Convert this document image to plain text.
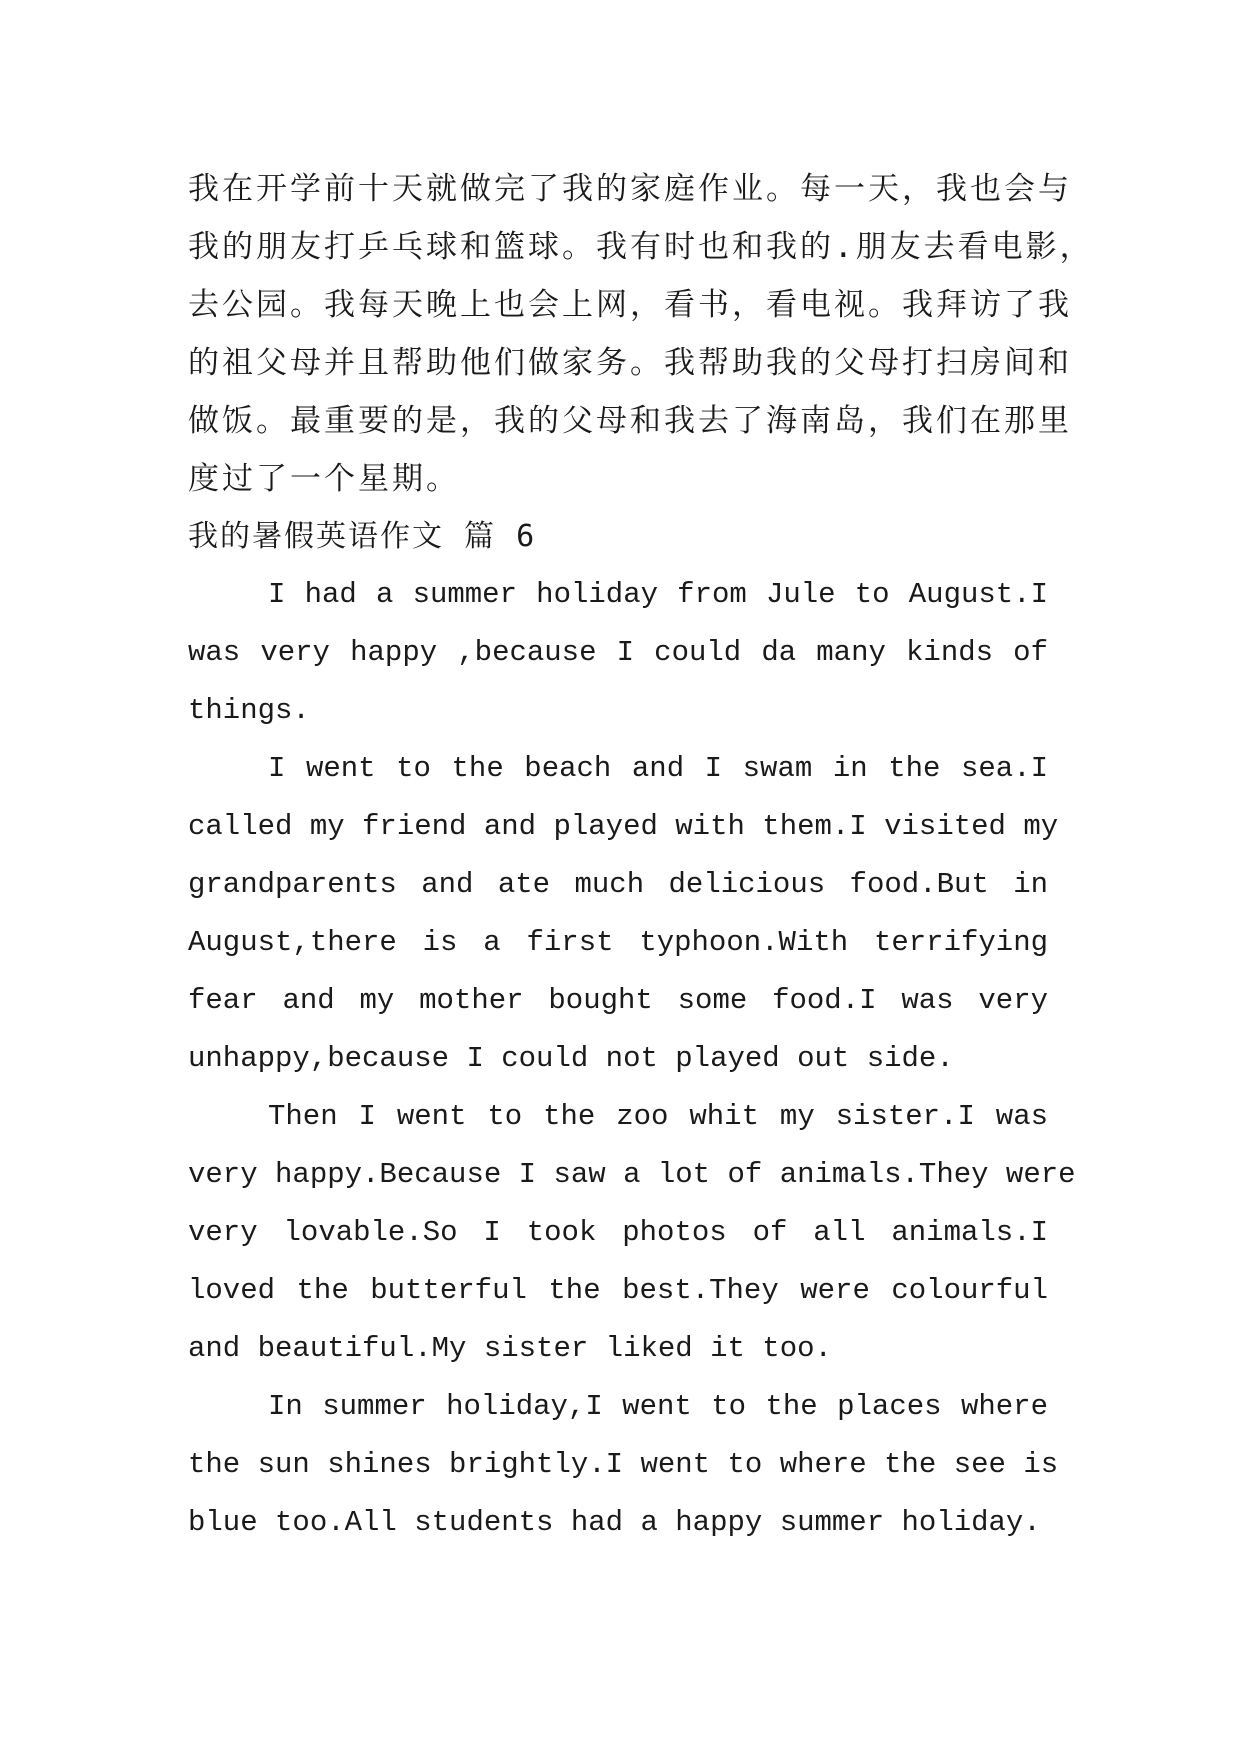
我在开学前十天就做完了我的家庭作业。每一天，我也会与
我的朋友打乒乓球和篮球。我有时也和我的.朋友去看电影，
去公园。我每天晚上也会上网，看书，看电视。我拜访了我
的祖父母并且帮助他们做家务。我帮助我的父母打扫房间和
做饭。最重要的是，我的父母和我去了海南岛，我们在那里
度过了一个星期。
我的暑假英语作文 篇 6
I had a summer holiday from Jule to August.I
was very happy ,because I could da many kinds of
things.
I went to the beach and I swam in the sea.I
called my friend and played with them.I visited my
grandparents and ate much delicious food.But in
August,there is a first typhoon.With terrifying
fear and my mother bought some food.I was very
unhappy,because I could not played out side.
Then I went to the zoo whit my sister.I was
very happy.Because I saw a lot of animals.They were
very lovable.So I took photos of all animals.I
loved the butterful the best.They were colourful
and beautiful.My sister liked it too.
In summer holiday,I went to the places where
the sun shines brightly.I went to where the see is
blue too.All students had a happy summer holiday.
